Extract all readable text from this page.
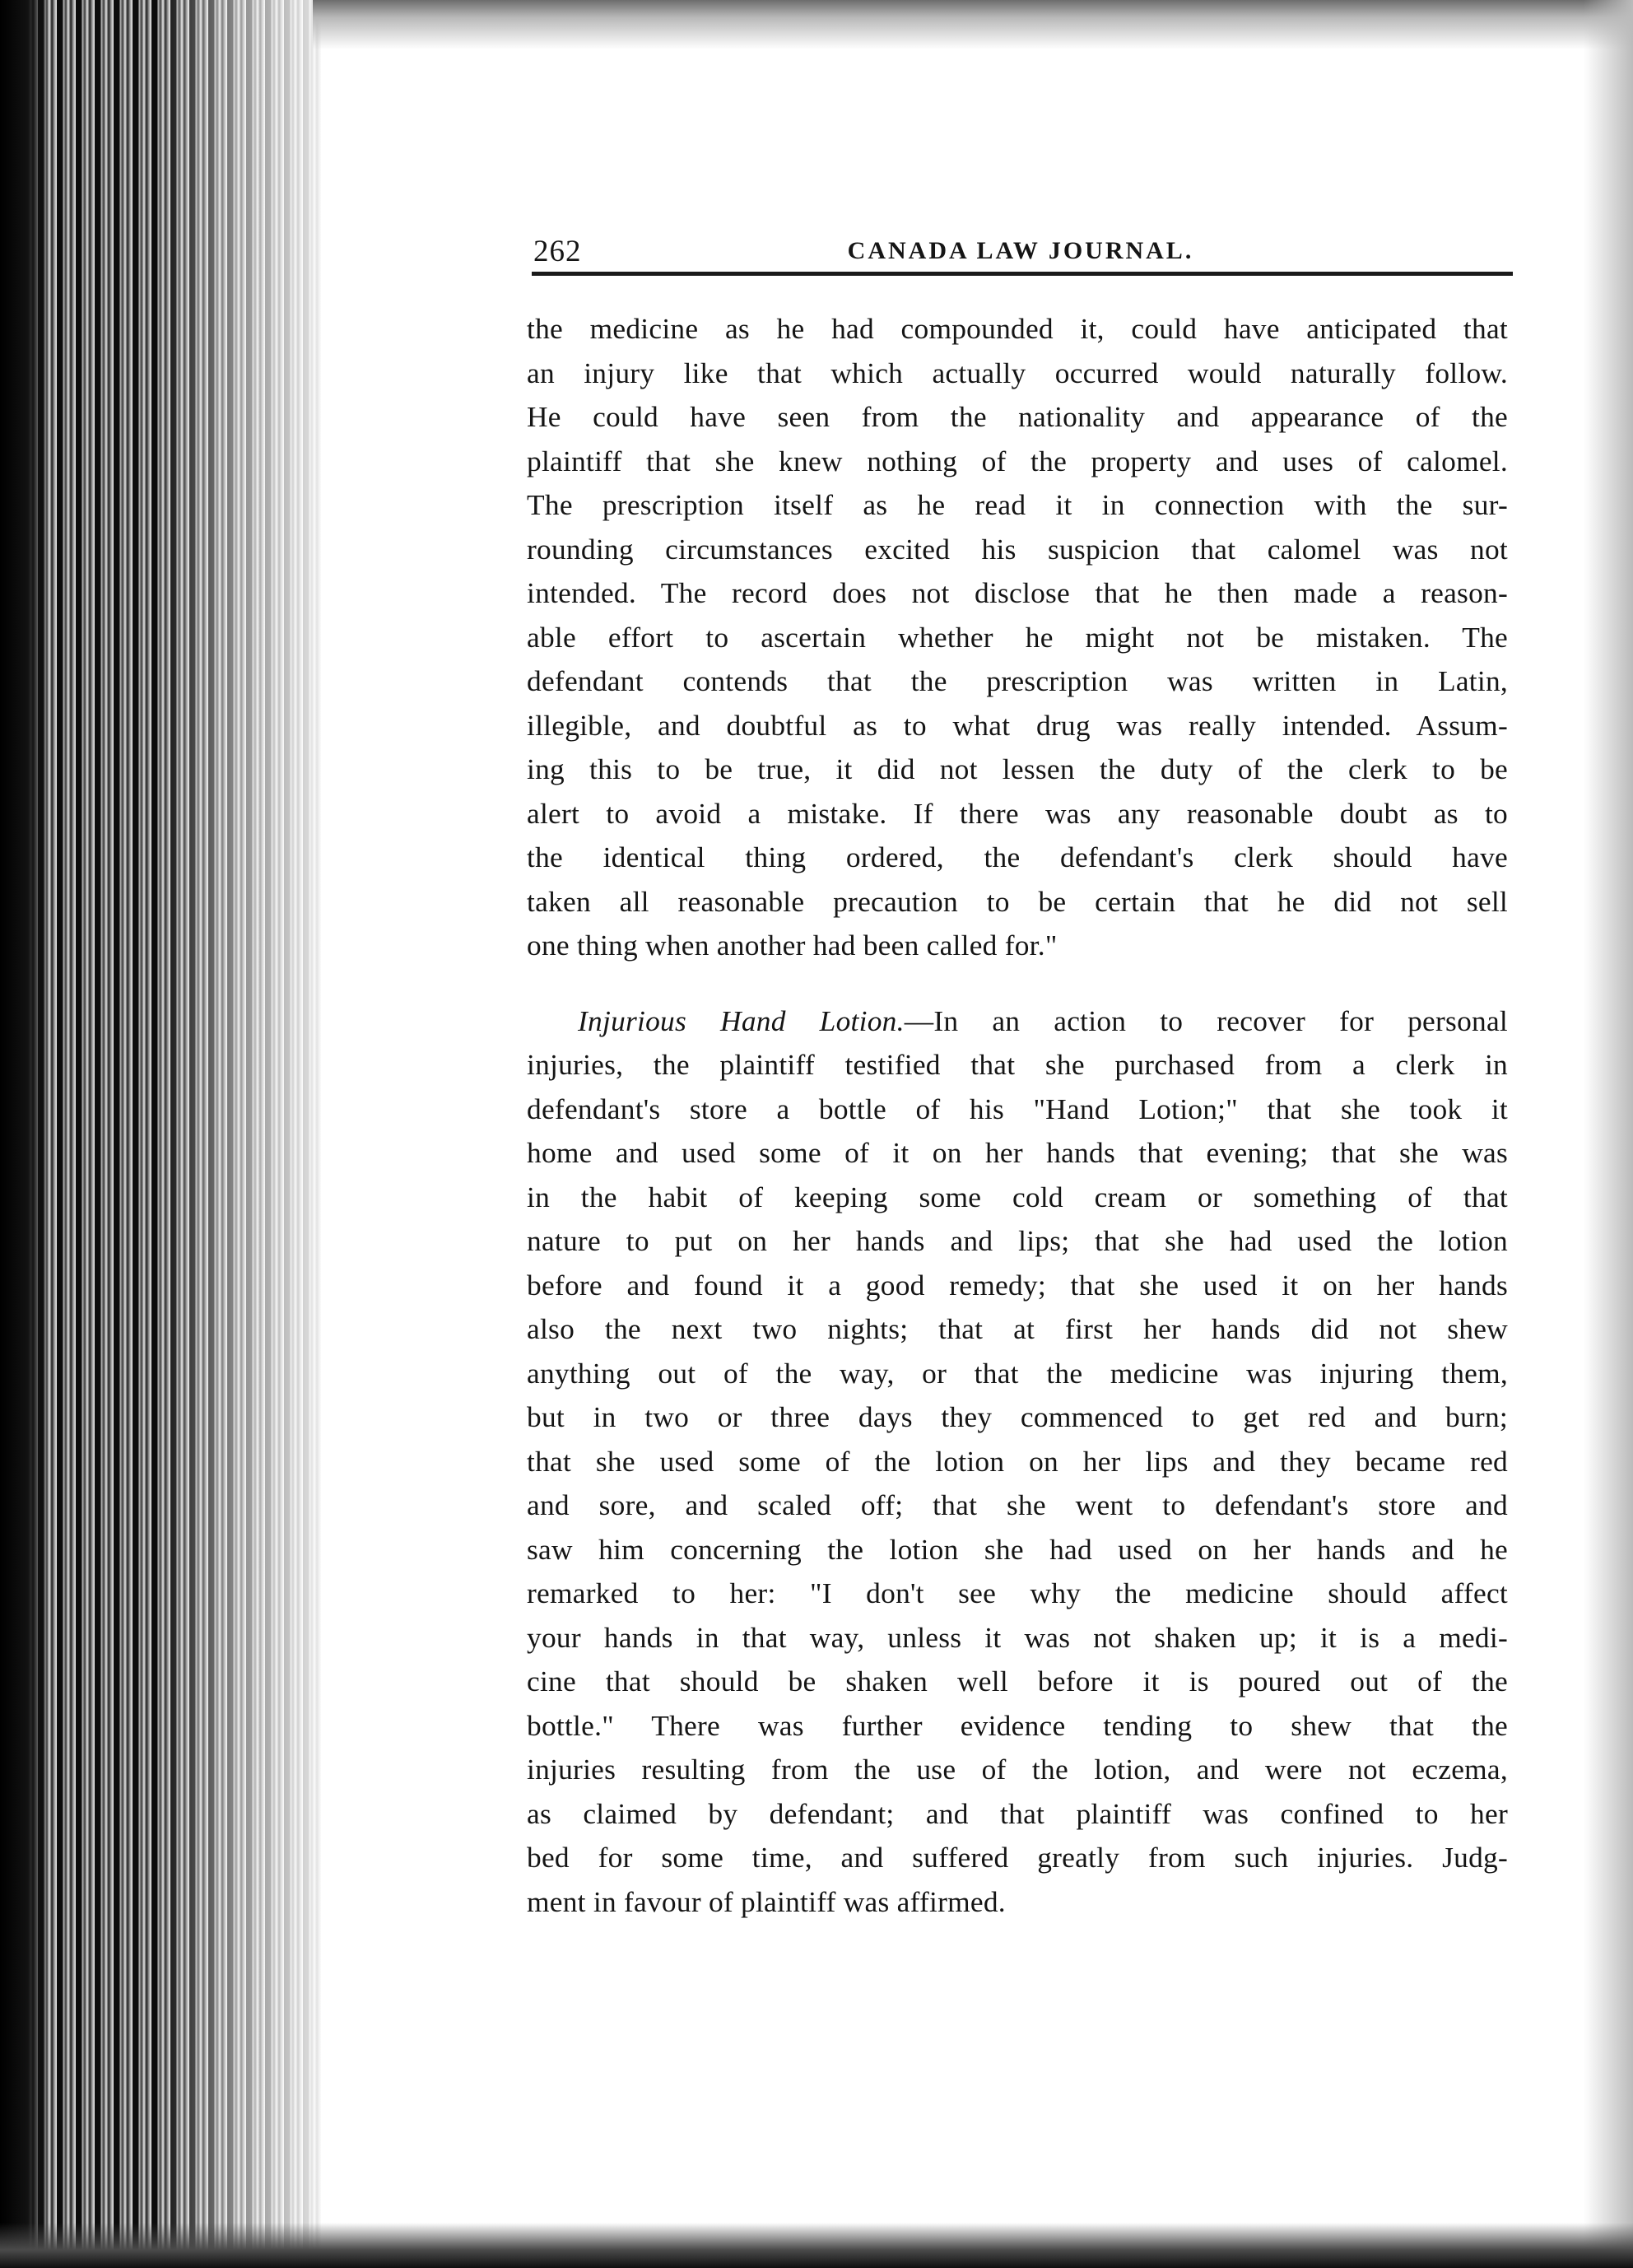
262	CANADA LAW JOURNAL.

the medicine as he had compounded it, could have anticipated that an injury like that which actually occurred would naturally follow. He could have seen from the nationality and appearance of the plaintiff that she knew nothing of the property and uses of calomel. The prescription itself as he read it in connection with the sur- rounding circumstances excited his suspicion that calomel was not intended. The record does not disclose that he then made a reason- able effort to ascertain whether he might not be mistaken. The defendant contends that the prescription was written in Latin, illegible, and doubtful as to what drug was really intended. Assum- ing this to be true, it did not lessen the duty of the clerk to be alert to avoid a mistake. If there was any reasonable doubt as to the identical thing ordered, the defendant's clerk should have taken all reasonable precaution to be certain that he did not sell
one thing when another had been called for."

Injurious Hand Lotion.—In an action to recover for personal
injuries, the plaintiff testified that she purchased from a clerk in defendant's store a bottle of his "Hand Lotion;" that she took it home and used some of it on her hands that evening; that she was in the habit of keeping some cold cream or something of that nature to put on her hands and lips; that she had used the lotion before and found it a good remedy; that she used it on her hands also the next two nights; that at first her hands did not shew anything out of the way, or that the medicine was injuring them, but in two or three days they commenced to get red and burn; that she used some of the lotion on her lips and they became red and sore, and scaled off; that she went to defendant's store and saw him concerning the lotion she had used on her hands and he remarked to her: "I don't see why the medicine should affect your hands in that way, unless it was not shaken up; it is a medi- cine that should be shaken well before it is poured out of the bottle." There was further evidence tending to shew that the injuries resulting from the use of the lotion, and were not eczema, as claimed by defendant; and that plaintiff was confined to her bed for some time, and suffered greatly from such injuries. Judg-
ment in favour of plaintiff was affirmed.
